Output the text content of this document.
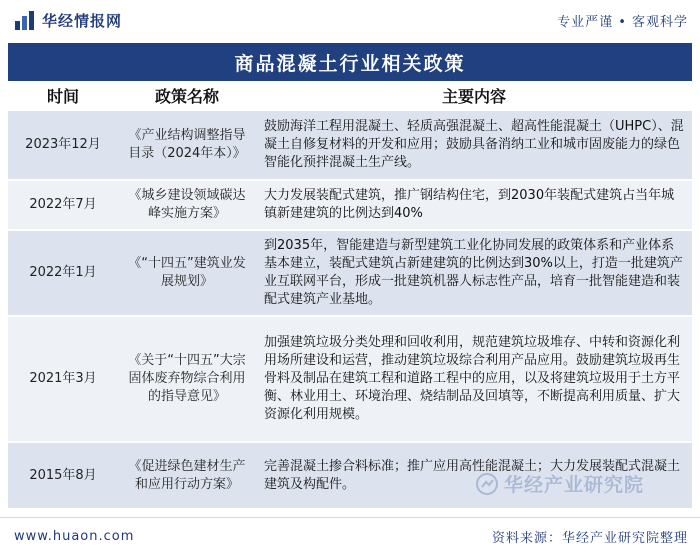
华经情报网	专业严谨 • 客观科学
商品混凝土行业相关政策
时间	政策名称	主要内容
2023年12月	《产业结构调整指导目录（2024年本）》	鼓励海洋工程用混凝土、轻质高强混凝土、超高性能混凝土（UHPC）、混凝土自修复材料的开发和应用；鼓励具备消纳工业和城市固废能力的绿色智能化预拌混凝土生产线。
2022年7月	《城乡建设领域碳达峰实施方案》	大力发展装配式建筑，推广钢结构住宅，到2030年装配式建筑占当年城镇新建建筑的比例达到40%
2022年1月	《“十四五”建筑业发展规划》	到2035年，智能建造与新型建筑工业化协同发展的政策体系和产业体系基本建立，装配式建筑占新建建筑的比例达到30%以上，打造一批建筑产业互联网平台，形成一批建筑机器人标志性产品，培育一批智能建造和装配式建筑产业基地。
2021年3月	《关于“十四五”大宗固体废弃物综合利用的指导意见》	加强建筑垃圾分类处理和回收利用，规范建筑垃圾堆存、中转和资源化利用场所建设和运营，推动建筑垃圾综合利用产品应用。鼓励建筑垃圾再生骨料及制品在建筑工程和道路工程中的应用，以及将建筑垃圾用于土方平衡、林业用土、环境治理、烧结制品及回填等，不断提高利用质量、扩大资源化利用规模。
2015年8月	《促进绿色建材生产和应用行动方案》	完善混凝土掺合料标准；推广应用高性能混凝土；大力发展装配式混凝土建筑及构配件。	华经产业研究院
www.huaon.com	资料来源：华经产业研究院整理
